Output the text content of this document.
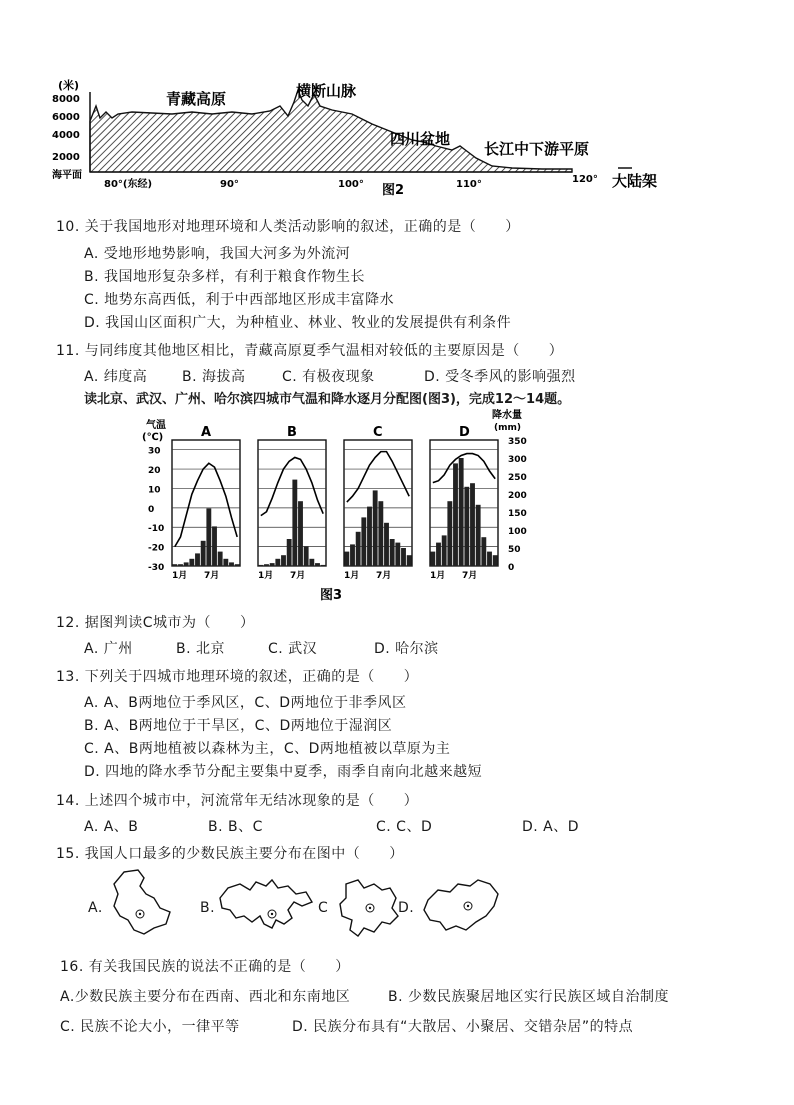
(米)
8000
6000
4000
2000
海平面
80°(东经)	90°	100°	110°	120°
青藏高原	横断山脉
四川盆地
长江中下游平原
大陆架
图2
10. 关于我国地形对地理环境和人类活动影响的叙述，正确的是（　　）
A. 受地形地势影响，我国大河多为外流河
B. 我国地形复杂多样，有利于粮食作物生长
C. 地势东高西低，利于中西部地区形成丰富降水
D. 我国山区面积广大，为种植业、林业、牧业的发展提供有利条件
11. 与同纬度其他地区相比，青藏高原夏季气温相对较低的主要原因是（　　）
A. 纬度高 B. 海拔高	C. 有极夜现象	D. 受冬季风的影响强烈
读北京、武汉、广州、哈尔滨四城市气温和降水逐月分配图(图3)，完成12～14题。
气温
(℃)
降水量
(mm)
30
20
10
0
-10
-20
-30
350
300
250
200
150
100
50
0
A
1月 7月
B
1月 7月
C
1月 7月
D
1月 7月
图3
12. 据图判读C城市为（　　）
A. 广州	B. 北京	C. 武汉	D. 哈尔滨
13. 下列关于四城市地理环境的叙述，正确的是（　　）
A. A、B两地位于季风区，C、D两地位于非季风区
B. A、B两地位于干旱区，C、D两地位于湿润区
C. A、B两地植被以森林为主，C、D两地植被以草原为主
D. 四地的降水季节分配主要集中夏季，雨季自南向北越来越短
14. 上述四个城市中，河流常年无结冰现象的是（　　）
A. A、B	B. B、C	C. C、D	D. A、D
15. 我国人口最多的少数民族主要分布在图中（　　）
A.	B.	C	D.
16. 有关我国民族的说法不正确的是（　　）
A.少数民族主要分布在西南、西北和东南地区	B. 少数民族聚居地区实行民族区域自治制度
C. 民族不论大小，一律平等	D. 民族分布具有“大散居、小聚居、交错杂居”的特点
